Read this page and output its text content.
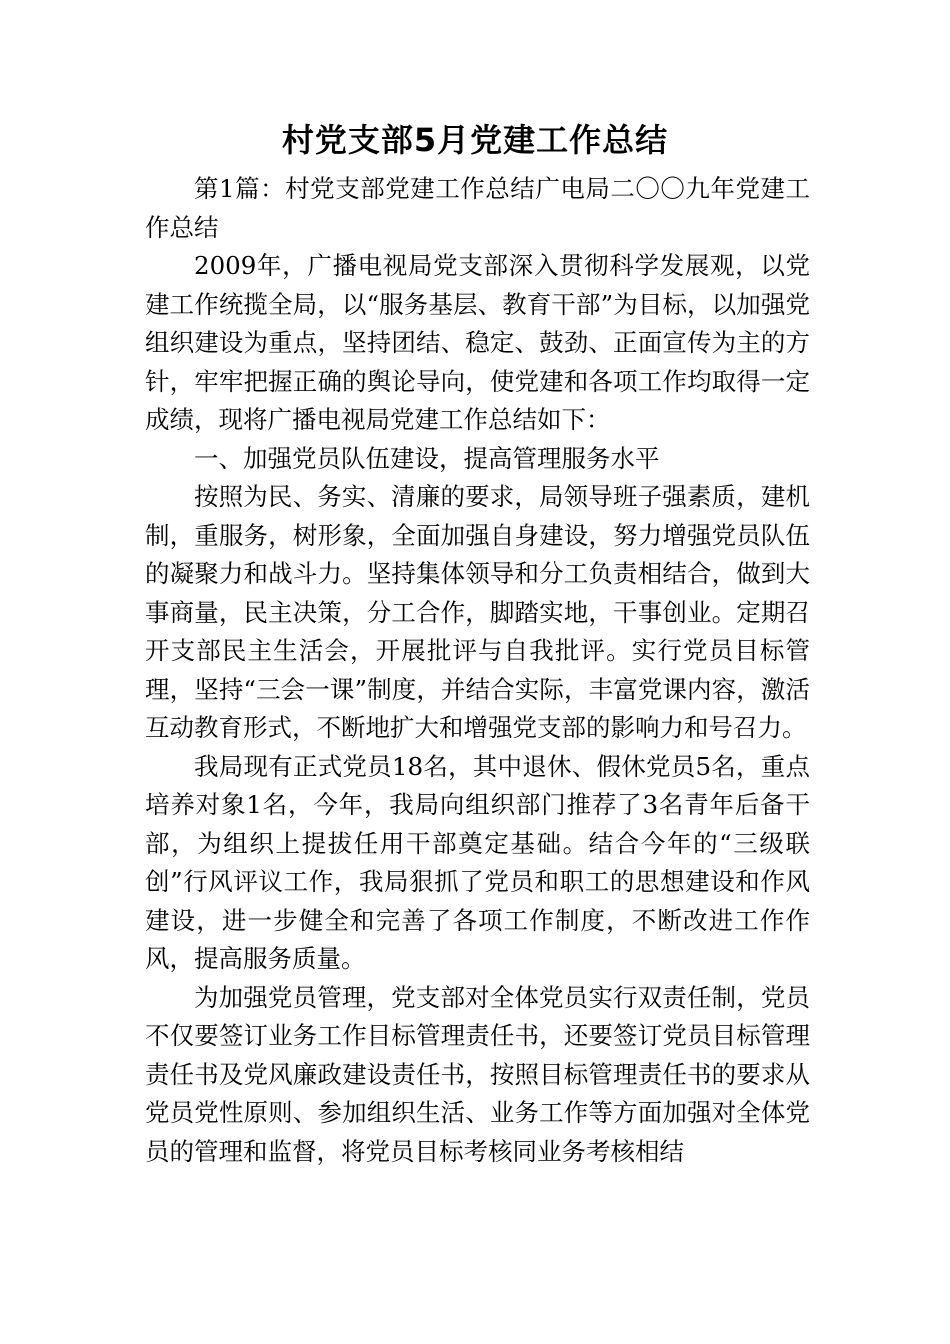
村党支部5月党建工作总结

第1篇：村党支部党建工作总结广电局二〇〇九年党建工作总结

2009年，广播电视局党支部深入贯彻科学发展观，以党建工作统揽全局，以“服务基层、教育干部”为目标，以加强党组织建设为重点，坚持团结、稳定、鼓劲、正面宣传为主的方针，牢牢把握正确的舆论导向，使党建和各项工作均取得一定成绩，现将广播电视局党建工作总结如下：

一、加强党员队伍建设，提高管理服务水平

按照为民、务实、清廉的要求，局领导班子强素质，建机制，重服务，树形象，全面加强自身建设，努力增强党员队伍的凝聚力和战斗力。坚持集体领导和分工负责相结合，做到大事商量，民主决策，分工合作，脚踏实地，干事创业。定期召开支部民主生活会，开展批评与自我批评。实行党员目标管理，坚持“三会一课”制度，并结合实际，丰富党课内容，激活互动教育形式，不断地扩大和增强党支部的影响力和号召力。

我局现有正式党员18名，其中退休、假休党员5名，重点培养对象1名，今年，我局向组织部门推荐了3名青年后备干部，为组织上提拔任用干部奠定基础。结合今年的“三级联创”行风评议工作，我局狠抓了党员和职工的思想建设和作风建设，进一步健全和完善了各项工作制度，不断改进工作作风，提高服务质量。

为加强党员管理，党支部对全体党员实行双责任制，党员不仅要签订业务工作目标管理责任书，还要签订党员目标管理责任书及党风廉政建设责任书，按照目标管理责任书的要求从党员党性原则、参加组织生活、业务工作等方面加强对全体党员的管理和监督，将党员目标考核同业务考核相结
